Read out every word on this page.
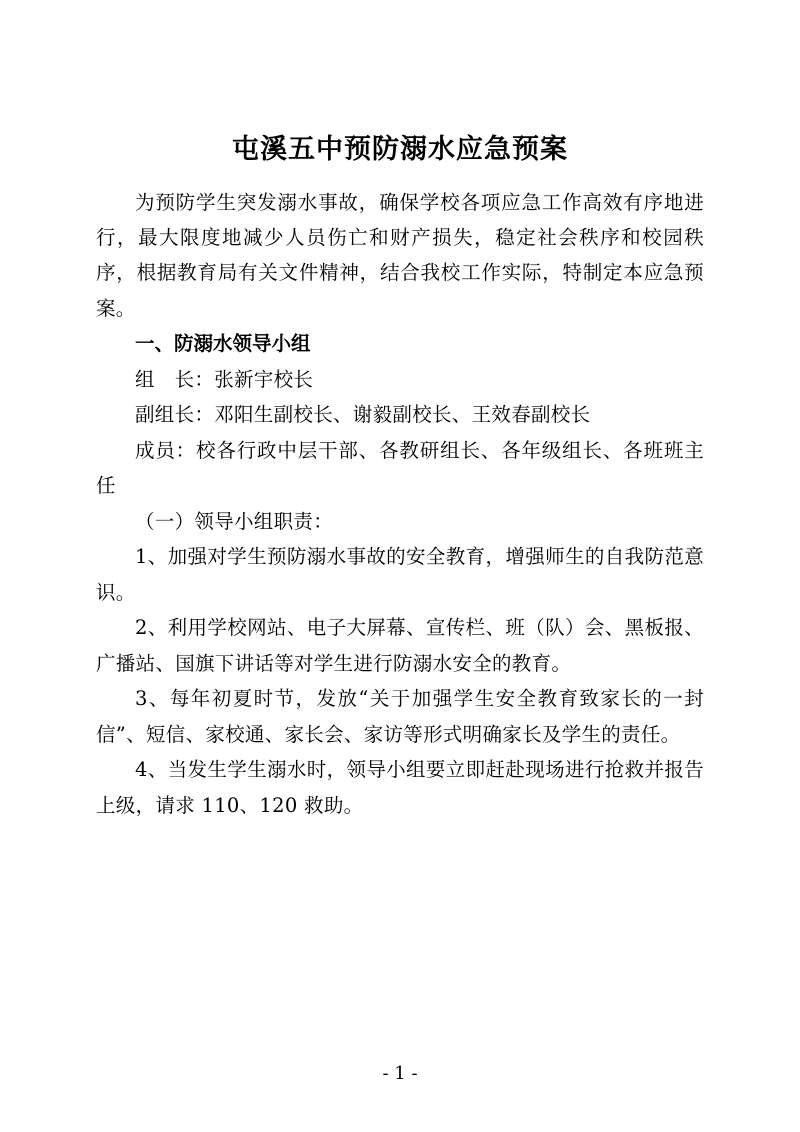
屯溪五中预防溺水应急预案

为预防学生突发溺水事故，确保学校各项应急工作高效有序地进行，最大限度地减少人员伤亡和财产损失，稳定社会秩序和校园秩序，根据教育局有关文件精神，结合我校工作实际，特制定本应急预案。

一、防溺水领导小组

组　长：张新宇校长

副组长：邓阳生副校长、谢毅副校长、王效春副校长

成员：校各行政中层干部、各教研组长、各年级组长、各班班主任

（一）领导小组职责：

1、加强对学生预防溺水事故的安全教育，增强师生的自我防范意识。

2、利用学校网站、电子大屏幕、宣传栏、班（队）会、黑板报、广播站、国旗下讲话等对学生进行防溺水安全的教育。

3、每年初夏时节，发放“关于加强学生安全教育致家长的一封信”、短信、家校通、家长会、家访等形式明确家长及学生的责任。

4、当发生学生溺水时，领导小组要立即赶赴现场进行抢救并报告上级，请求 110、120 救助。

- 1 -
